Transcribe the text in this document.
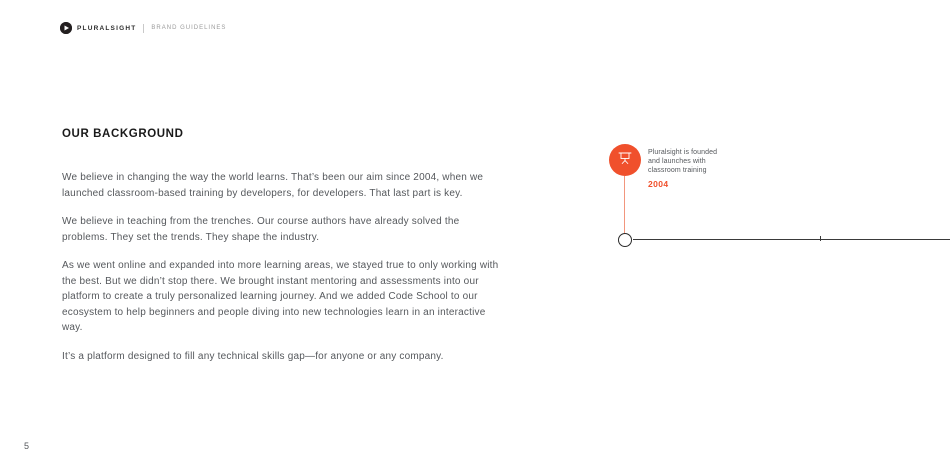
PLURALSIGHT	BRAND GUIDELINES
OUR BACKGROUND

We believe in changing the way the world learns. That’s been our aim since 2004, when we launched classroom-based training by developers, for developers. That last part is key.

We believe in teaching from the trenches. Our course authors have already solved the problems. They set the trends. They shape the industry.

As we went online and expanded into more learning areas, we stayed true to only working with the best. But we didn’t stop there. We brought instant mentoring and assessments into our platform to create a truly personalized learning journey. And we added Code School to our ecosystem to help beginners and people diving into new technologies learn in an interactive way.

It’s a platform designed to fill any technical skills gap—for anyone or any company.

Pluralsight is founded and launches with classroom training
2004
5
